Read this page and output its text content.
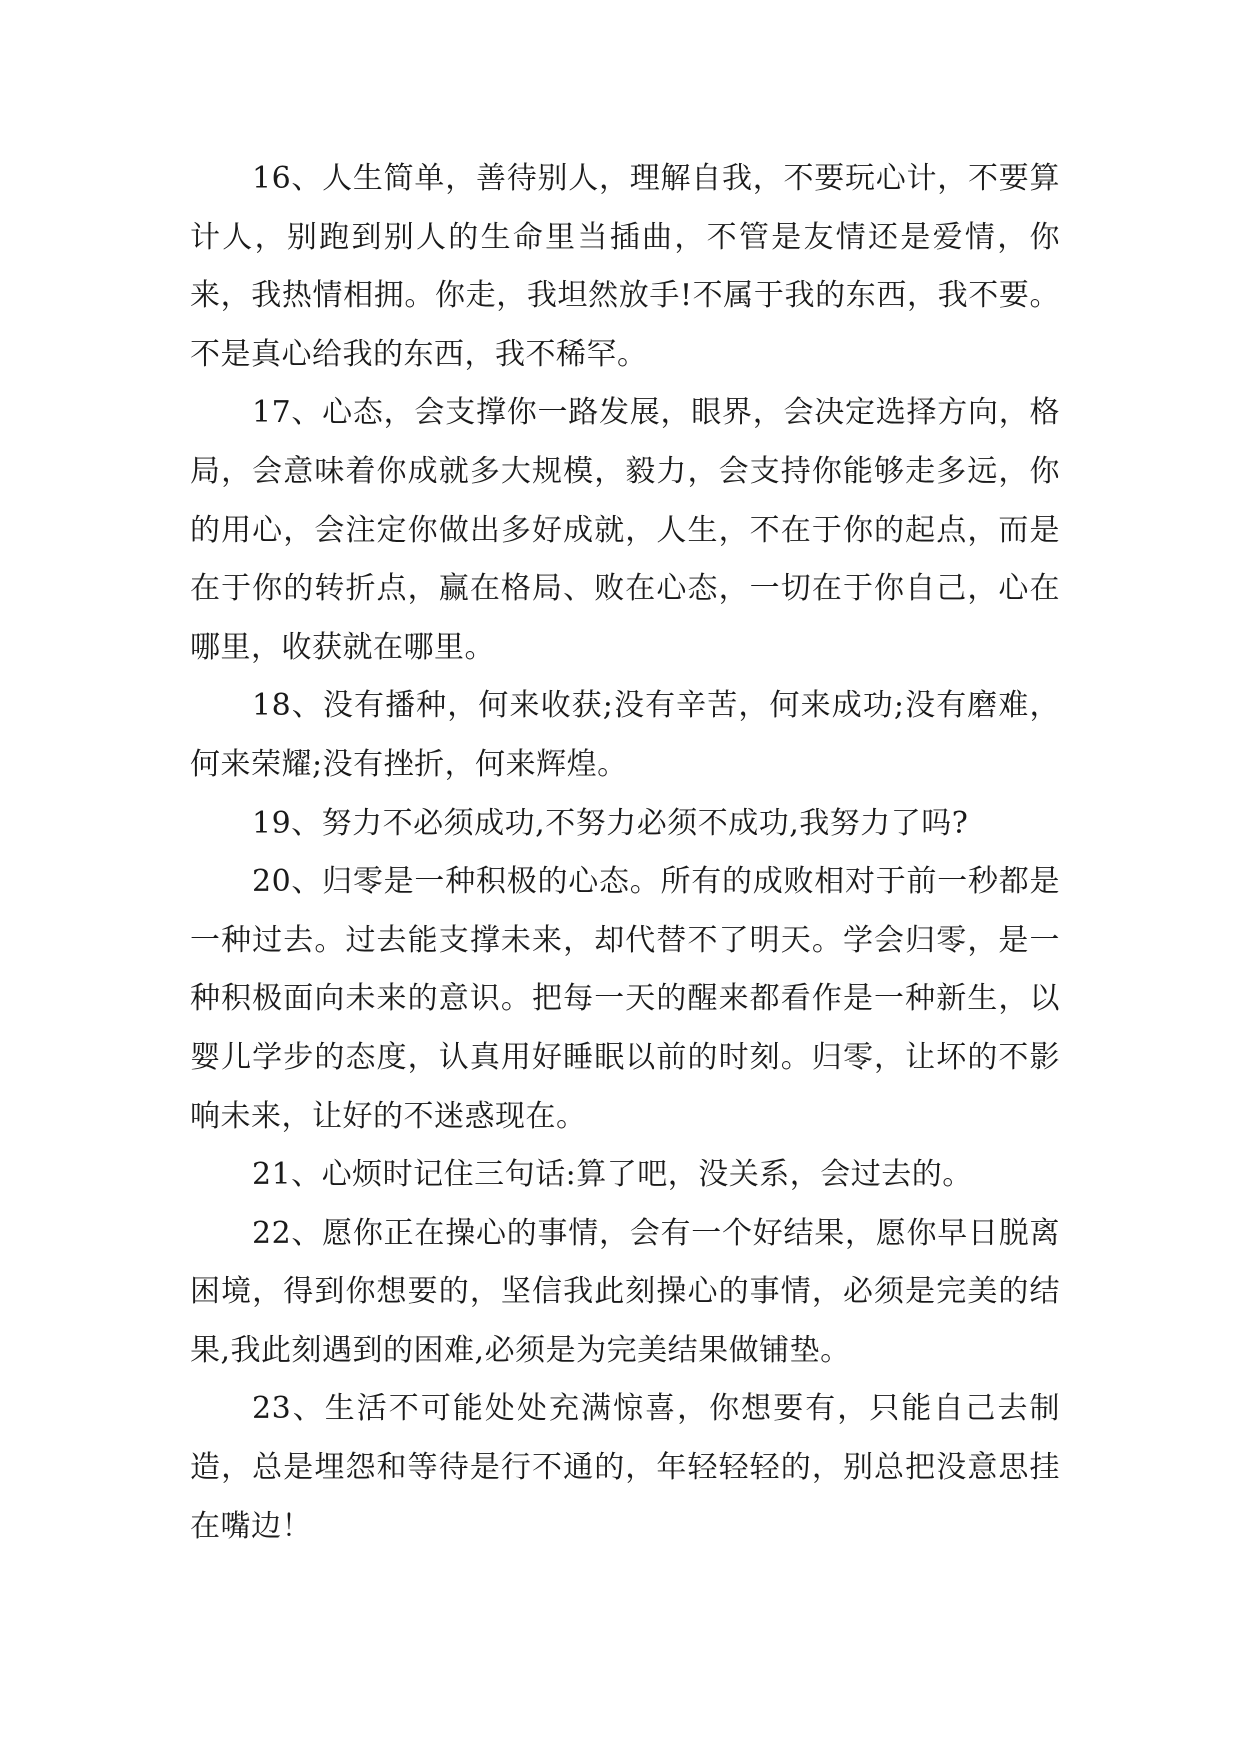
16、人生简单，善待别人，理解自我，不要玩心计，不要算计人，别跑到别人的生命里当插曲，不管是友情还是爱情，你来，我热情相拥。你走，我坦然放手!不属于我的东西，我不要。不是真心给我的东西，我不稀罕。

17、心态，会支撑你一路发展，眼界，会决定选择方向，格局，会意味着你成就多大规模，毅力，会支持你能够走多远，你的用心，会注定你做出多好成就，人生，不在于你的起点，而是在于你的转折点，赢在格局、败在心态，一切在于你自己，心在哪里，收获就在哪里。

18、没有播种，何来收获;没有辛苦，何来成功;没有磨难，何来荣耀;没有挫折，何来辉煌。

19、努力不必须成功,不努力必须不成功,我努力了吗?

20、归零是一种积极的心态。所有的成败相对于前一秒都是一种过去。过去能支撑未来，却代替不了明天。学会归零，是一种积极面向未来的意识。把每一天的醒来都看作是一种新生，以婴儿学步的态度，认真用好睡眠以前的时刻。归零，让坏的不影响未来，让好的不迷惑现在。

21、心烦时记住三句话:算了吧，没关系，会过去的。

22、愿你正在操心的事情，会有一个好结果，愿你早日脱离困境，得到你想要的，坚信我此刻操心的事情，必须是完美的结果,我此刻遇到的困难,必须是为完美结果做铺垫。

23、生活不可能处处充满惊喜，你想要有，只能自己去制造，总是埋怨和等待是行不通的，年轻轻轻的，别总把没意思挂在嘴边！
